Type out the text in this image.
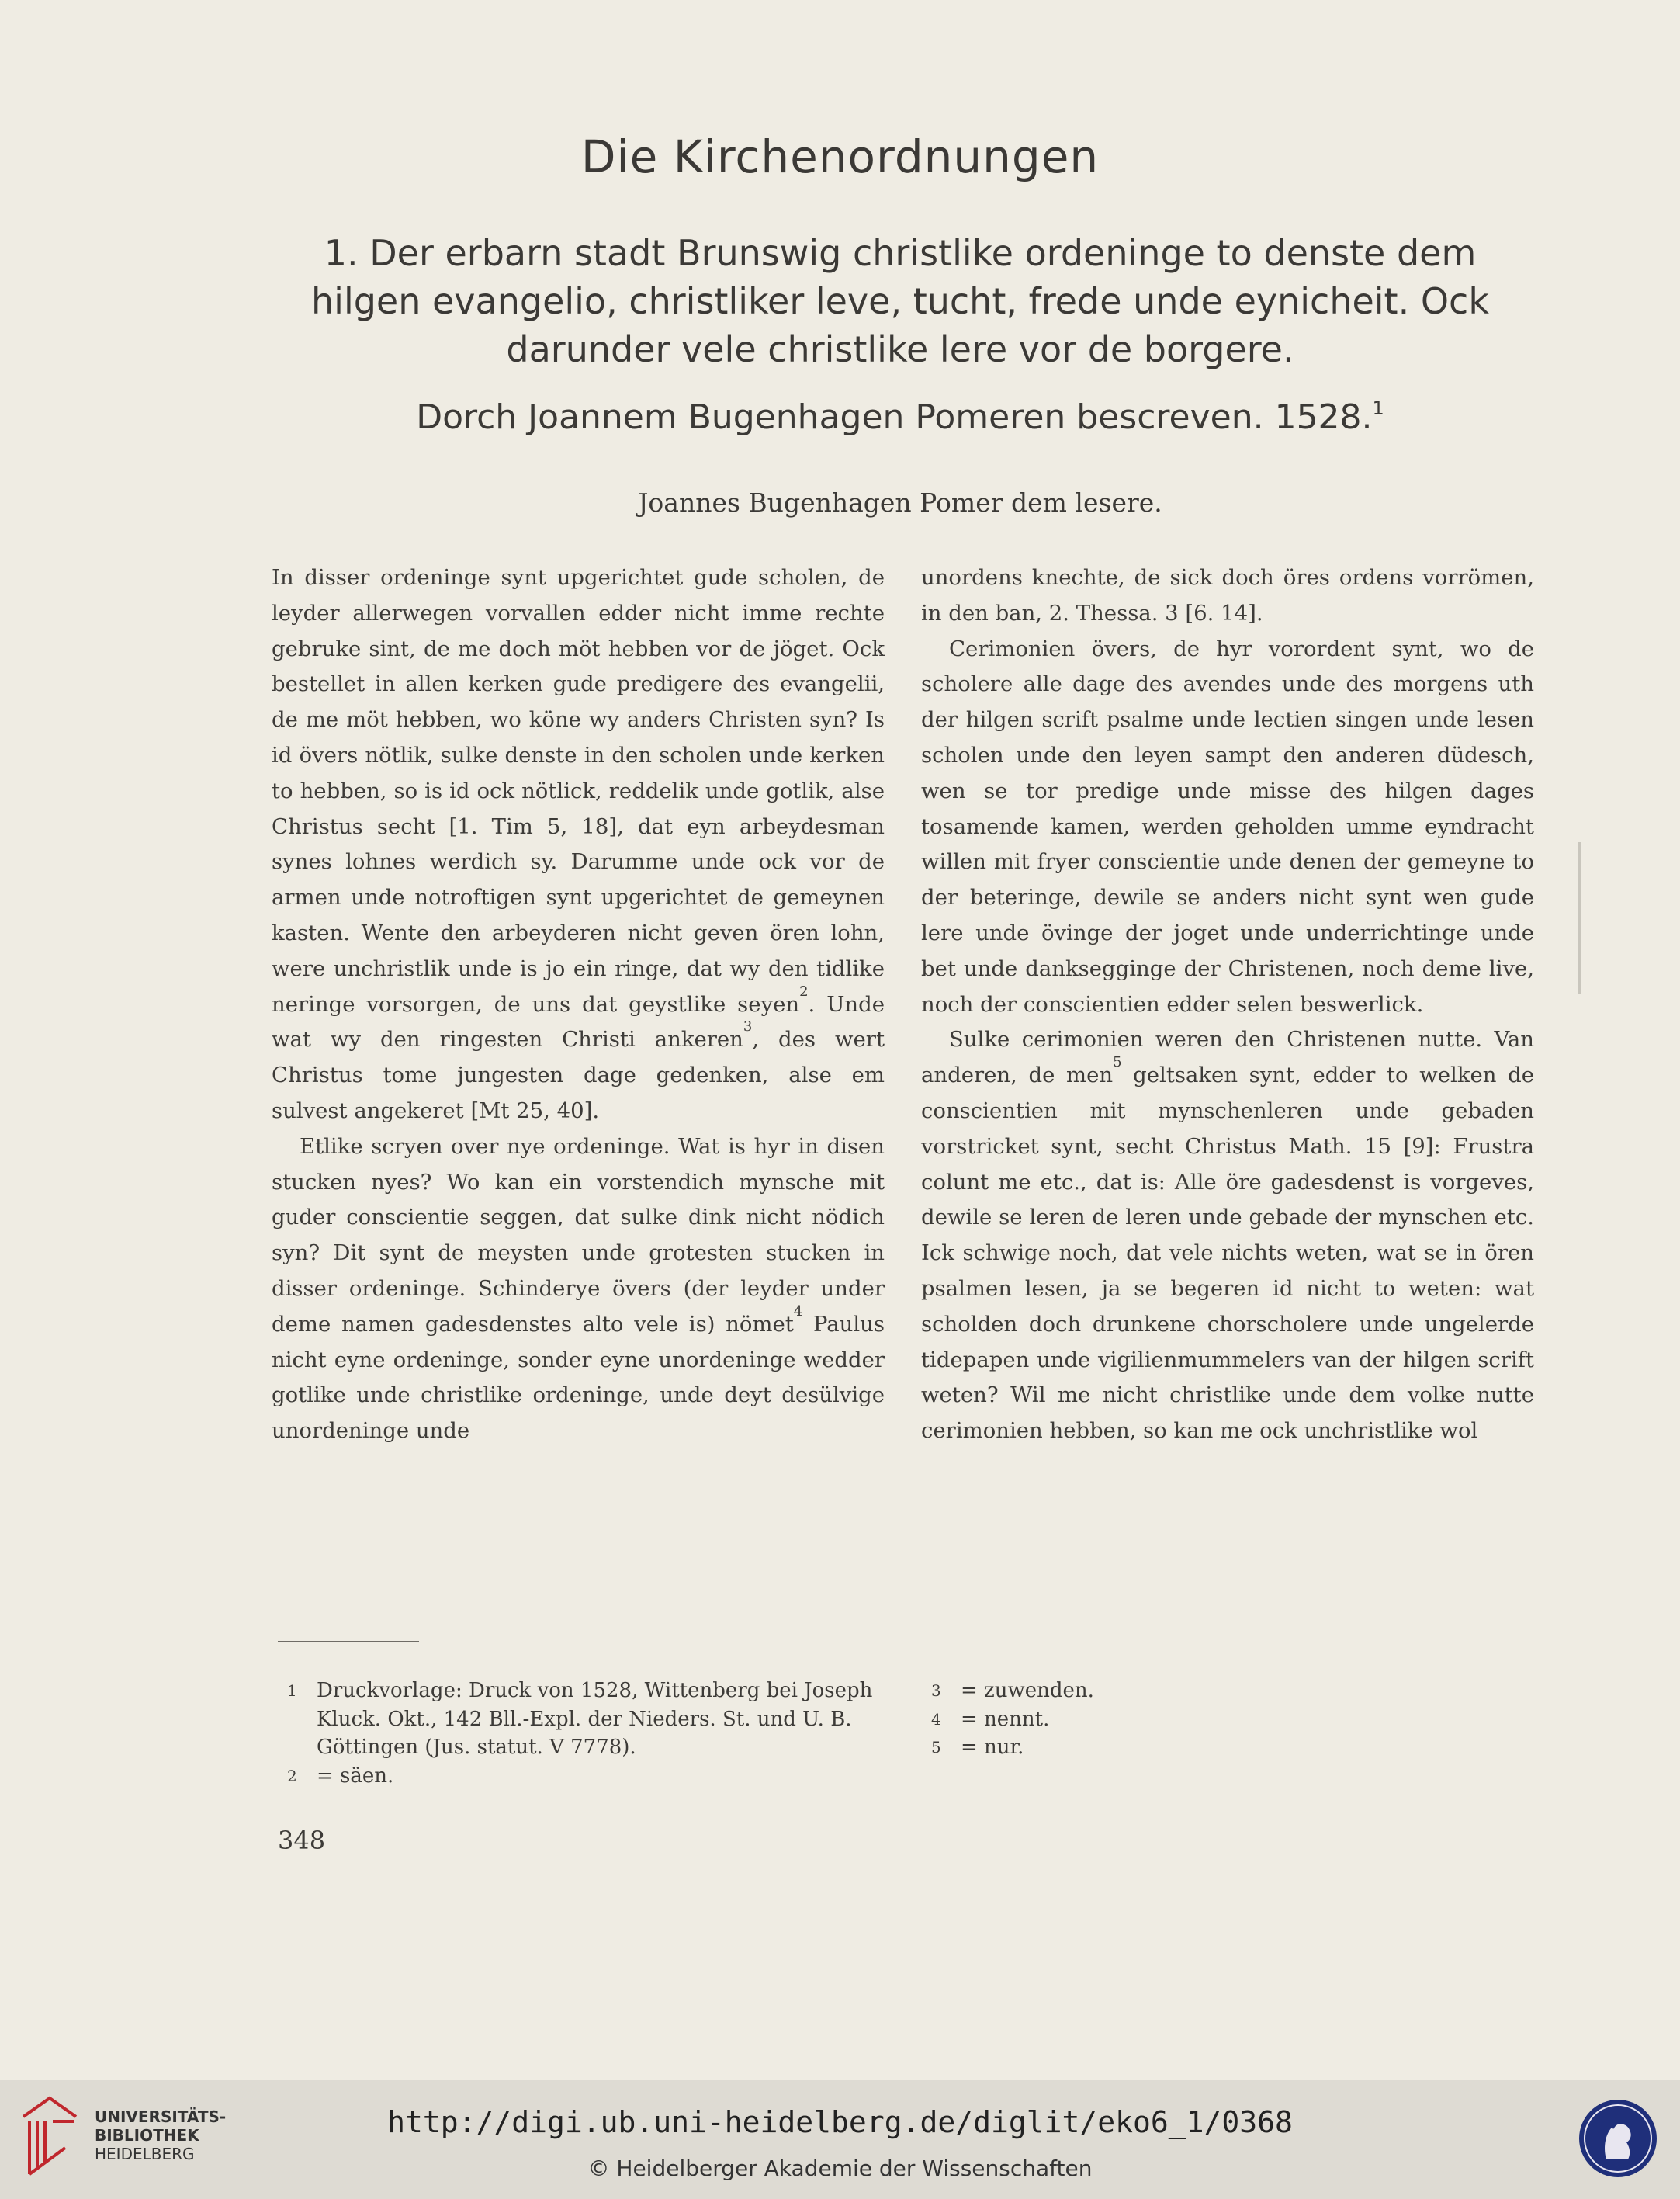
Die Kirchenordnungen
1. Der erbarn stadt Brunswig christlike ordeninge to denste dem hilgen evangelio, christliker leve, tucht, frede unde eynicheit. Ock darunder vele christlike lere vor de borgere.
Dorch Joannem Bugenhagen Pomeren bescreven. 1528.$^1$
Joannes Bugenhagen Pomer dem lesere.

In disser ordeninge synt upgerichtet gude scholen, de leyder allerwegen vorvallen edder nicht imme rechte gebruke sint, de me doch möt hebben vor de jöget. Ock bestellet in allen kerken gude predigere des evangelii, de me möt hebben, wo köne wy anders Christen syn? Is id övers nötlik, sulke denste in den scholen unde kerken to hebben, so is id ock nötlick, reddelik unde gotlik, alse Christus secht [1. Tim 5, 18], dat eyn arbeydesman synes lohnes werdich sy. Darumme unde ock vor de armen unde notroftigen synt upgerichtet de gemeynen kasten. Wente den arbeyderen nicht geven ören lohn, were unchristlik unde is jo ein ringe, dat wy den tidlike neringe vorsorgen, de uns dat geystlike seyen$^2$. Unde wat wy den ringesten Christi ankeren$^3$, des wert Christus tome jungesten dage gedenken, alse em sulvest angekeret [Mt 25, 40].

Etlike scryen over nye ordeninge. Wat is hyr in disen stucken nyes? Wo kan ein vorstendich mynsche mit guder conscientie seggen, dat sulke dink nicht nödich syn? Dit synt de meysten unde grotesten stucken in disser ordeninge. Schinderye övers (der leyder under deme namen gadesdenstes alto vele is) nömet$^4$ Paulus nicht eyne ordeninge, sonder eyne unordeninge wedder gotlike unde christlike ordeninge, unde deyt desülvige unordeninge unde

unordens knechte, de sick doch öres ordens vorrömen, in den ban, 2. Thessa. 3 [6. 14].

Cerimonien övers, de hyr vorordent synt, wo de scholere alle dage des avendes unde des morgens uth der hilgen scrift psalme unde lectien singen unde lesen scholen unde den leyen sampt den anderen düdesch, wen se tor predige unde misse des hilgen dages tosamende kamen, werden geholden umme eyndracht willen mit fryer conscientie unde denen der gemeyne to der beteringe, dewile se anders nicht synt wen gude lere unde övinge der joget unde underrichtinge unde bet unde danksegginge der Christenen, noch deme live, noch der conscientien edder selen beswerlick.

Sulke cerimonien weren den Christenen nutte. Van anderen, de men$^5$ geltsaken synt, edder to welken de conscientien mit mynschenleren unde gebaden vorstricket synt, secht Christus Math. 15 [9]: Frustra colunt me etc., dat is: Alle öre gadesdenst is vorgeves, dewile se leren de leren unde gebade der mynschen etc. Ick schwige noch, dat vele nichts weten, wat se in ören psalmen lesen, ja se begeren id nicht to weten: wat scholden doch drunkene chorscholere unde ungelerde tidepapen unde vigilienmummelers van der hilgen scrift weten? Wil me nicht christlike unde dem volke nutte cerimonien hebben, so kan me ock unchristlike wol

1 Druckvorlage: Druck von 1528, Wittenberg bei Joseph Kluck. Okt., 142 Bll.-Expl. der Nieders. St. und U. B. Göttingen (Jus. statut. V 7778).
2 = säen.
3 = zuwenden.
4 = nennt.
5 = nur.
348
UNIVERSITÄTS-
BIBLIOTHEK
HEIDELBERG
http://digi.ub.uni-heidelberg.de/diglit/eko6_1/0368
© Heidelberger Akademie der Wissenschaften
